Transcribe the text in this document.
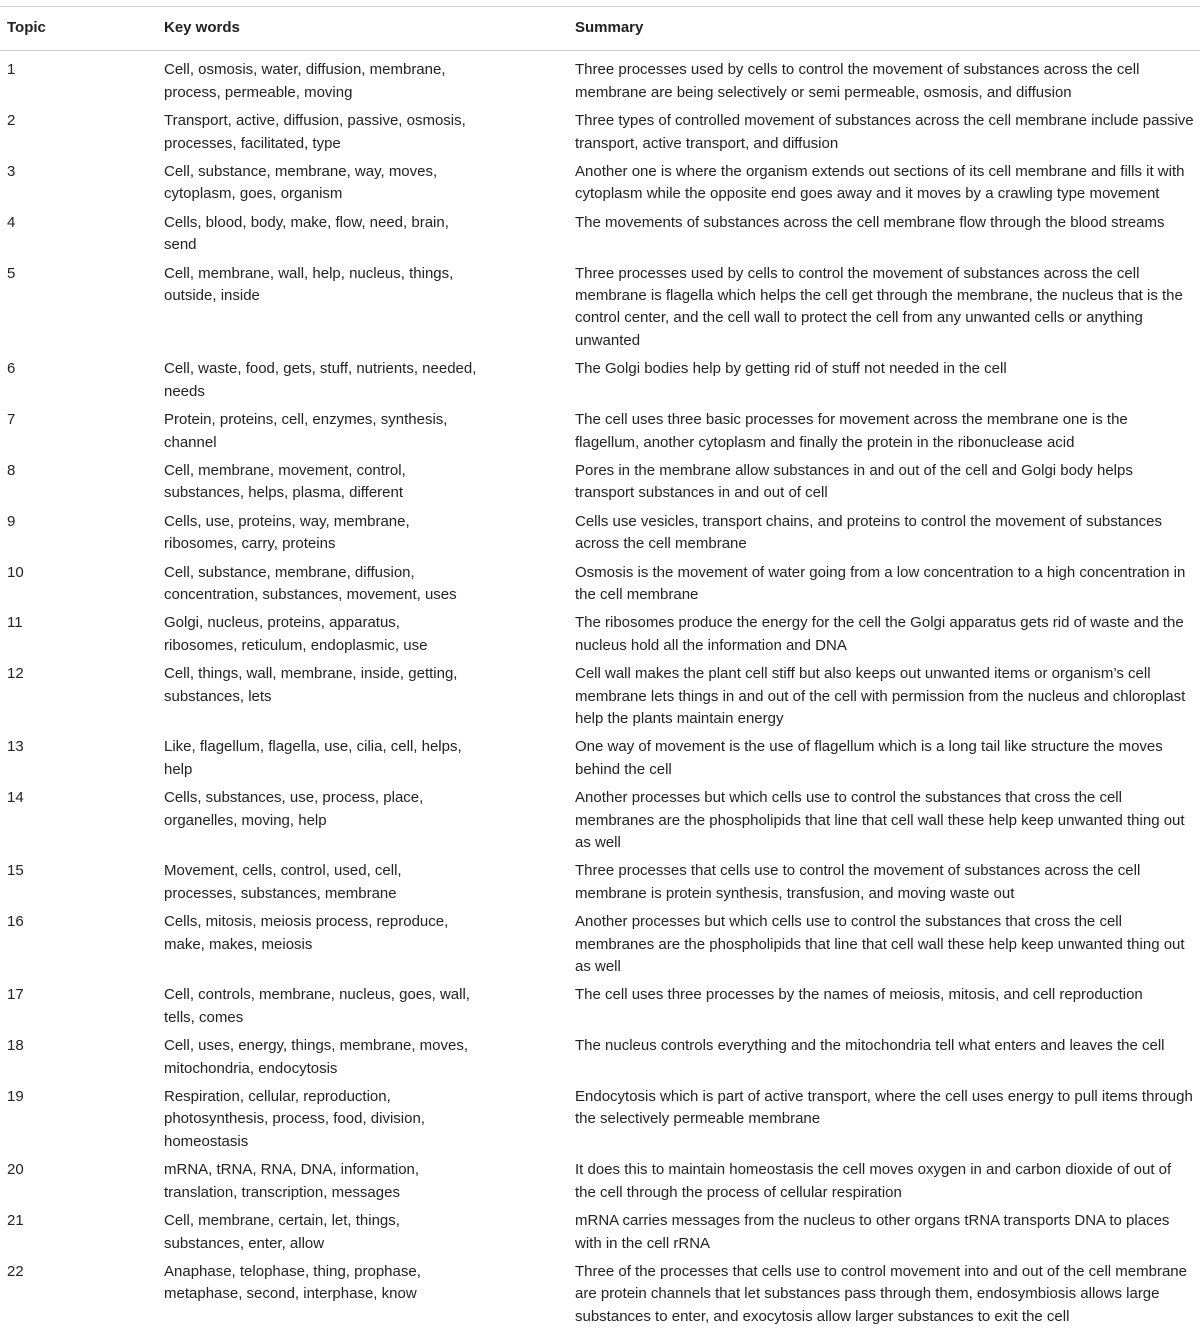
Topic	Key words	Summary
1	Cell, osmosis, water, diffusion, membrane, process, permeable, moving	Three processes used by cells to control the movement of substances across the cell membrane are being selectively or semi permeable, osmosis, and diffusion
2	Transport, active, diffusion, passive, osmosis, processes, facilitated, type	Three types of controlled movement of substances across the cell membrane include passive transport, active transport, and diffusion
3	Cell, substance, membrane, way, moves, cytoplasm, goes, organism	Another one is where the organism extends out sections of its cell membrane and fills it with cytoplasm while the opposite end goes away and it moves by a crawling type movement
4	Cells, blood, body, make, flow, need, brain, send	The movements of substances across the cell membrane flow through the blood streams
5	Cell, membrane, wall, help, nucleus, things, outside, inside	Three processes used by cells to control the movement of substances across the cell membrane is flagella which helps the cell get through the membrane, the nucleus that is the control center, and the cell wall to protect the cell from any unwanted cells or anything unwanted
6	Cell, waste, food, gets, stuff, nutrients, needed, needs	The Golgi bodies help by getting rid of stuff not needed in the cell
7	Protein, proteins, cell, enzymes, synthesis, channel	The cell uses three basic processes for movement across the membrane one is the flagellum, another cytoplasm and finally the protein in the ribonuclease acid
8	Cell, membrane, movement, control, substances, helps, plasma, different	Pores in the membrane allow substances in and out of the cell and Golgi body helps transport substances in and out of cell
9	Cells, use, proteins, way, membrane, ribosomes, carry, proteins	Cells use vesicles, transport chains, and proteins to control the movement of substances across the cell membrane
10	Cell, substance, membrane, diffusion, concentration, substances, movement, uses	Osmosis is the movement of water going from a low concentration to a high concentration in the cell membrane
11	Golgi, nucleus, proteins, apparatus, ribosomes, reticulum, endoplasmic, use	The ribosomes produce the energy for the cell the Golgi apparatus gets rid of waste and the nucleus hold all the information and DNA
12	Cell, things, wall, membrane, inside, getting, substances, lets	Cell wall makes the plant cell stiff but also keeps out unwanted items or organism’s cell membrane lets things in and out of the cell with permission from the nucleus and chloroplast help the plants maintain energy
13	Like, flagellum, flagella, use, cilia, cell, helps, help	One way of movement is the use of flagellum which is a long tail like structure the moves behind the cell
14	Cells, substances, use, process, place, organelles, moving, help	Another processes but which cells use to control the substances that cross the cell membranes are the phospholipids that line that cell wall these help keep unwanted thing out as well
15	Movement, cells, control, used, cell, processes, substances, membrane	Three processes that cells use to control the movement of substances across the cell membrane is protein synthesis, transfusion, and moving waste out
16	Cells, mitosis, meiosis process, reproduce, make, makes, meiosis	Another processes but which cells use to control the substances that cross the cell membranes are the phospholipids that line that cell wall these help keep unwanted thing out as well
17	Cell, controls, membrane, nucleus, goes, wall, tells, comes	The cell uses three processes by the names of meiosis, mitosis, and cell reproduction
18	Cell, uses, energy, things, membrane, moves, mitochondria, endocytosis	The nucleus controls everything and the mitochondria tell what enters and leaves the cell
19	Respiration, cellular, reproduction, photosynthesis, process, food, division, homeostasis	Endocytosis which is part of active transport, where the cell uses energy to pull items through the selectively permeable membrane
20	mRNA, tRNA, RNA, DNA, information, translation, transcription, messages	It does this to maintain homeostasis the cell moves oxygen in and carbon dioxide of out of the cell through the process of cellular respiration
21	Cell, membrane, certain, let, things, substances, enter, allow	mRNA carries messages from the nucleus to other organs tRNA transports DNA to places with in the cell rRNA
22	Anaphase, telophase, thing, prophase, metaphase, second, interphase, know	Three of the processes that cells use to control movement into and out of the cell membrane are protein channels that let substances pass through them, endosymbiosis allows large substances to enter, and exocytosis allow larger substances to exit the cell
